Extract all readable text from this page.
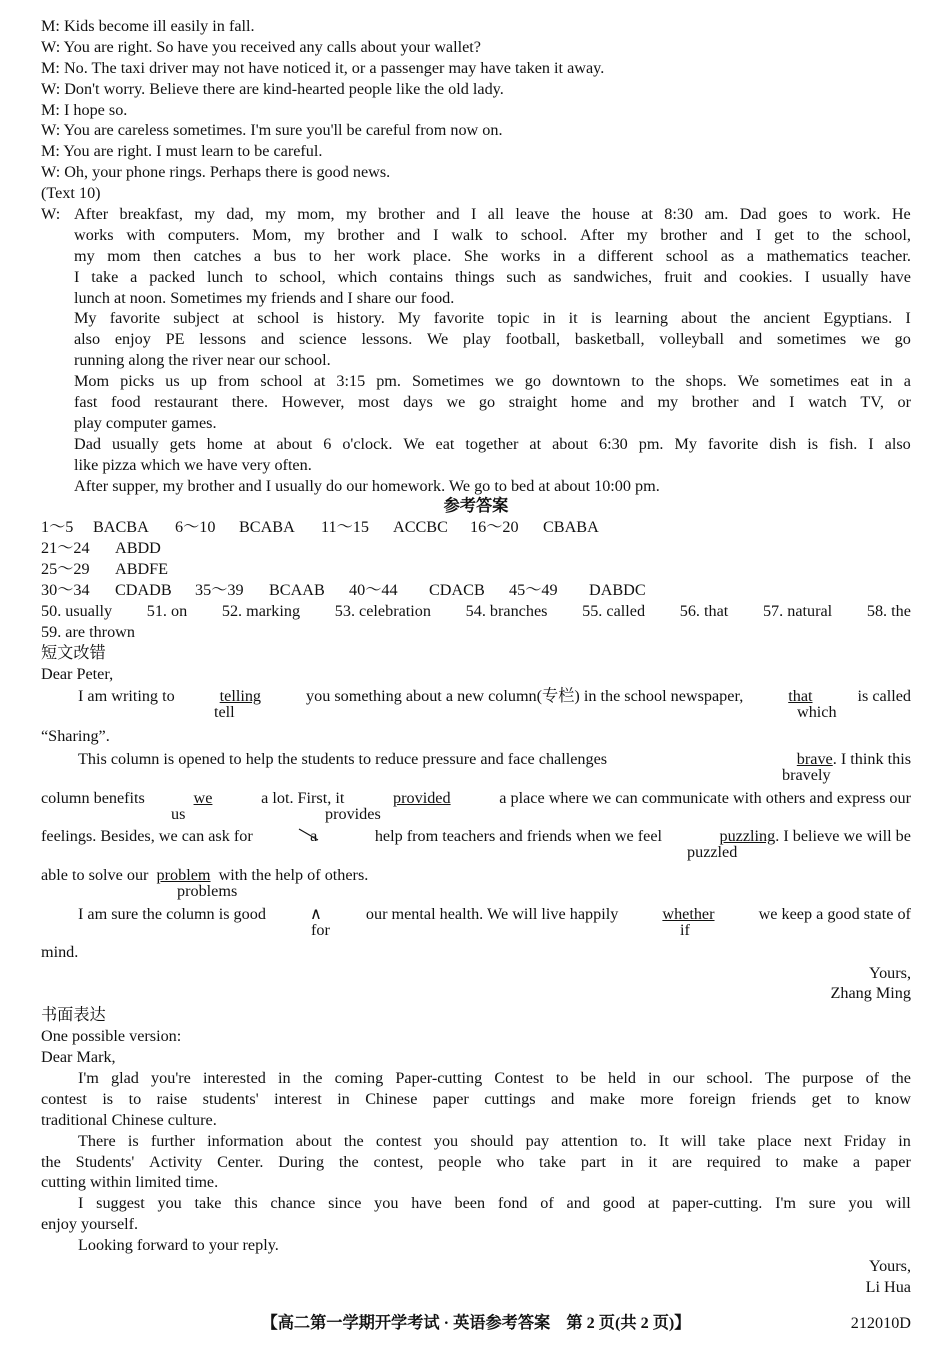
M: Kids become ill easily in fall.
W: You are right. So have you received any calls about your wallet?
M: No. The taxi driver may not have noticed it, or a passenger may have taken it away.
W: Don't worry. Believe there are kind-hearted people like the old lady.
M: I hope so.
W: You are careless sometimes. I'm sure you'll be careful from now on.
M: You are right. I must learn to be careful.
W: Oh, your phone rings. Perhaps there is good news.
(Text 10)
W: After breakfast, my dad, my mom, my brother and I all leave the house at 8:30 am. Dad goes to work. He
works with computers. Mom, my brother and I walk to school. After my brother and I get to the school,
my mom then catches a bus to her work place. She works in a different school as a mathematics teacher.
I take a packed lunch to school, which contains things such as sandwiches, fruit and cookies. I usually have
lunch at noon. Sometimes my friends and I share our food.
My favorite subject at school is history. My favorite topic in it is learning about the ancient Egyptians. I
also enjoy PE lessons and science lessons. We play football, basketball, volleyball and sometimes we go
running along the river near our school.
Mom picks us up from school at 3:15 pm. Sometimes we go downtown to the shops. We sometimes eat in a
fast food restaurant there. However, most days we go straight home and my brother and I watch TV, or
play computer games.
Dad usually gets home at about 6 o'clock. We eat together at about 6:30 pm. My favorite dish is fish. I also
like pizza which we have very often.
After supper, my brother and I usually do our homework. We go to bed at about 10:00 pm.
参考答案
1～5 BACBA 6～10 BCABA 11～15 ACCBC 16～20 CBABA
21～24 ABDD
25～29 ABDFE
30～34 CDADB 35～39 BCAAB 40～44 CDACB 45～49 DABDC
50. usually 51. on 52. marking 53. celebration 54. branches 55. called 56. that 57. natural 58. the
59. are thrown
短文改错
Dear Peter,
I am writing to	telling	you something about a new column(专栏) in the school newspaper,	that	is called
tell	which
“Sharing”.
This column is opened to help the students to reduce pressure and face challenges	brave. I think this
bravely
column benefits	we	a lot. First, it	provided	a place where we can communicate with others and express our
us	provides
feelings. Besides, we can ask for	a	help from teachers and friends when we feel	puzzling. I believe we will be
puzzled
able to solve our problem with the help of others.
problems
I am sure the column is good	∧	our mental health. We will live happily	whether	we keep a good state of
for	if
mind.
Yours,
Zhang Ming
书面表达
One possible version:
Dear Mark,
I'm glad you're interested in the coming Paper-cutting Contest to be held in our school. The purpose of the
contest is to raise students' interest in Chinese paper cuttings and make more foreign friends get to know
traditional Chinese culture.
There is further information about the contest you should pay attention to. It will take place next Friday in
the Students' Activity Center. During the contest, people who take part in it are required to make a paper
cutting within limited time.
I suggest you take this chance since you have been fond of and good at paper-cutting. I'm sure you will
enjoy yourself.
Looking forward to your reply.
Yours,
Li Hua
【高二第一学期开学考试 · 英语参考答案　第 2 页(共 2 页)】	212010D
